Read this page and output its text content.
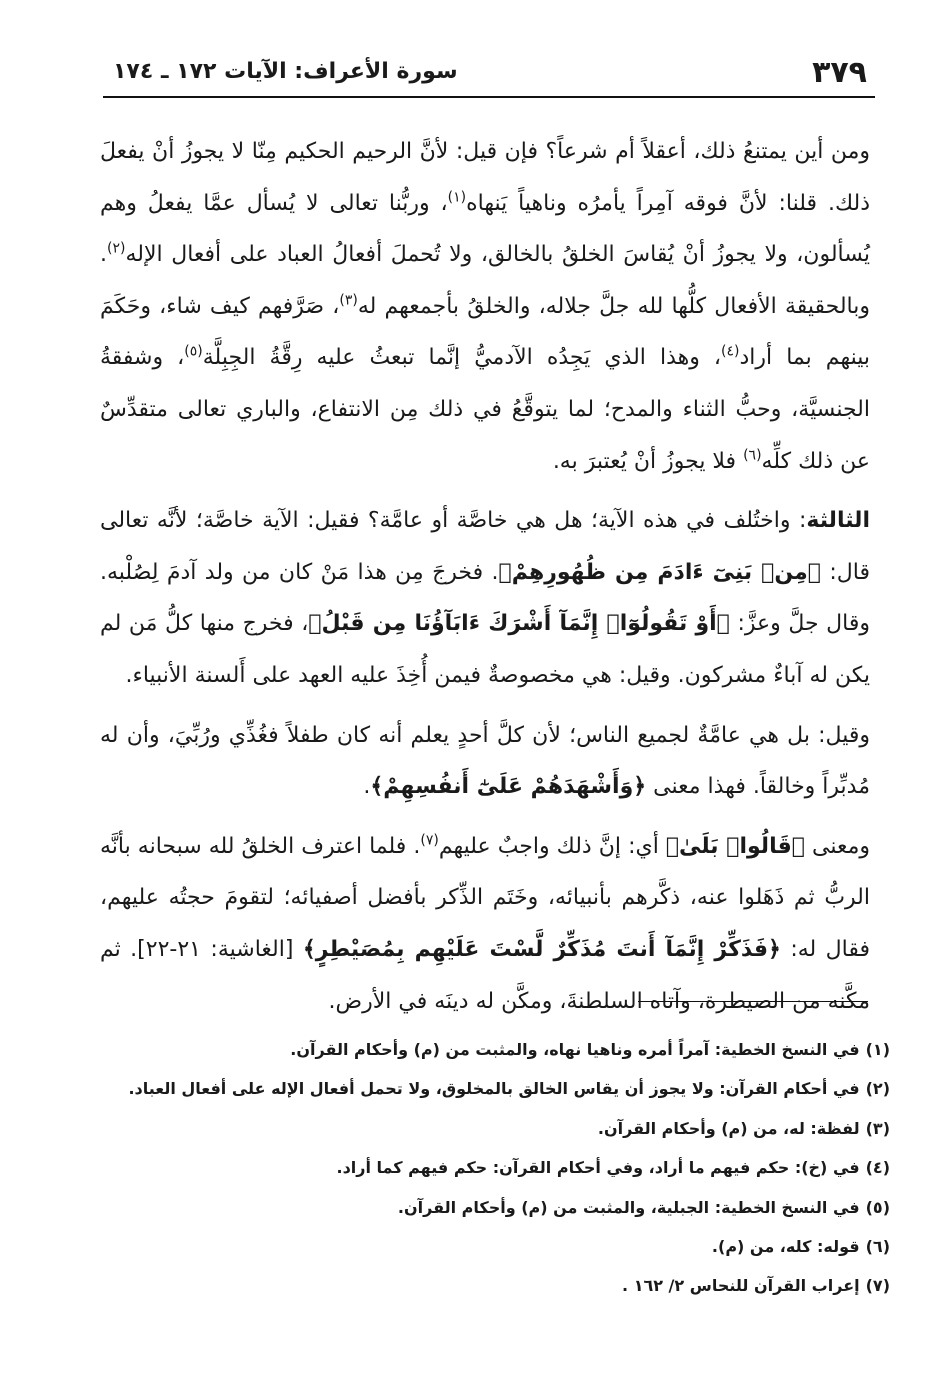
سورة الأعراف: الآيات ١٧٢ ـ ١٧٤	٣٧٩

ومن أين يمتنعُ ذلك، أعقلاً أم شرعاً؟ فإن قيل: لأنَّ الرحيم الحكيم مِنّا لا يجوزُ أنْ يفعلَ ذلك. قلنا: لأنَّ فوقه آمِراً يأمرُه وناهياً يَنهاه$^{(١)}$، وربُّنا تعالى لا يُسأل عمَّا يفعلُ وهم يُسألون، ولا يجوزُ أنْ يُقاسَ الخلقُ بالخالق، ولا تُحملَ أفعالُ العباد على أفعال الإله$^{(٢)}$. وبالحقيقة الأفعال كلُّها لله جلَّ جلاله، والخلقُ بأجمعهم له$^{(٣)}$، صَرَّفهم كيف شاء، وحَكَمَ بينهم بما أراد$^{(٤)}$، وهذا الذي يَجِدُه الآدميُّ إنَّما تبعثُ عليه رِقَّةُ الجِبِلَّة$^{(٥)}$، وشفقةُ الجنسيَّة، وحبُّ الثناء والمدح؛ لما يتوقَّعُ في ذلك مِن الانتفاع، والباري تعالى متقدِّسٌ عن ذلك كلِّه$^{(٦)}$ فلا يجوزُ أنْ يُعتبرَ به.

الثالثة: واختُلف في هذه الآية؛ هل هي خاصَّة أو عامَّة؟ فقيل: الآية خاصَّة؛ لأنَّه تعالى قال: ﴿مِنۢ بَنِىٓ ءَادَمَ مِن ظُهُورِهِمْ﴾. فخرجَ مِن هذا مَنْ كان من ولد آدمَ لِصُلْبه. وقال جلَّ وعزَّ: ﴿أَوْ تَقُولُوٓا۟ إِنَّمَآ أَشْرَكَ ءَابَآؤُنَا مِن قَبْلُ﴾، فخرج منها كلُّ مَن لم يكن له آباءٌ مشركون. وقيل: هي مخصوصةٌ فيمن أُخِذَ عليه العهد على أَلسنة الأنبياء.

وقيل: بل هي عامَّةٌ لجميع الناس؛ لأن كلَّ أحدٍ يعلم أنه كان طفلاً فغُذِّي ورُبِّيَ، وأن له مُدبِّراً وخالقاً. فهذا معنى ﴿وَأَشْهَدَهُمْ عَلَىٰٓ أَنفُسِهِمْ﴾.

ومعنى ﴿قَالُوا۟ بَلَىٰ﴾ أي: إنَّ ذلك واجبٌ عليهم$^{(٧)}$. فلما اعترف الخلقُ لله سبحانه بأنَّه الربُّ ثم ذَهَلوا عنه، ذكَّرهم بأنبيائه، وخَتَم الذِّكر بأفضل أصفيائه؛ لتقومَ حجتُه عليهم، فقال له: ﴿فَذَكِّرْ إِنَّمَآ أَنتَ مُذَكِّرٌ لَّسْتَ عَلَيْهِم بِمُصَيْطِرٍ﴾ [الغاشية: ٢١-٢٢]. ثم مكَّنه من الصيطرة، وآتاه السلطنةَ، ومكَّن له دينَه في الأرض.

(١)في النسخ الخطية: آمراً أمره وناهيا نهاه، والمثبت من (م) وأحكام القرآن.
(٢)في أحكام القرآن: ولا يجوز أن يقاس الخالق بالمخلوق، ولا تحمل أفعال الإله على أفعال العباد.
(٣)لفظة: له، من (م) وأحكام القرآن.
(٤)في (خ): حكم فيهم ما أراد، وفي أحكام القرآن: حكم فيهم كما أراد.
(٥)في النسخ الخطية: الجبلية، والمثبت من (م) وأحكام القرآن.
(٦)قوله: كله، من (م).
(٧)إعراب القرآن للنحاس ٢/ ١٦٢ .
